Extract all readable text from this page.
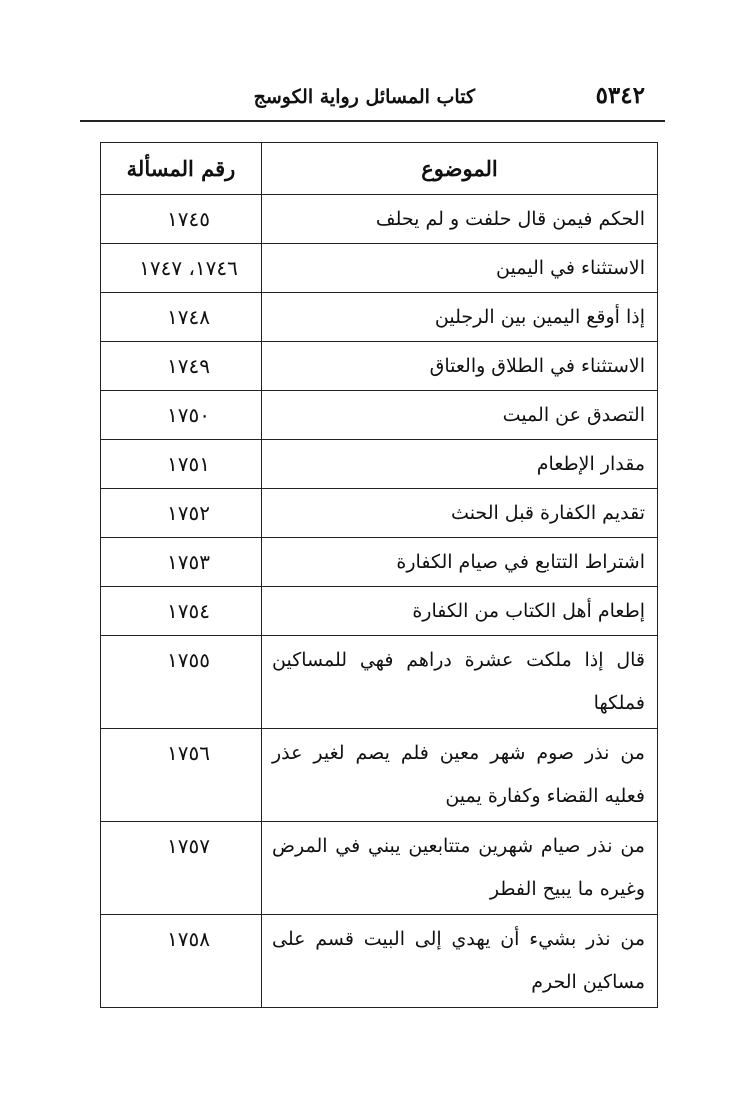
٥٣٤٢
كتاب المسائل رواية الكوسج
الموضوع	رقم المسألة
الحكم فيمن قال حلفت و لم يحلف	١٧٤٥
الاستثناء في اليمين	١٧٤٦، ١٧٤٧
إذا أوقع اليمين بين الرجلين	١٧٤٨
الاستثناء في الطلاق والعتاق	١٧٤٩
التصدق عن الميت	١٧٥٠
مقدار الإطعام	١٧٥١
تقديم الكفارة قبل الحنث	١٧٥٢
اشتراط التتابع في صيام الكفارة	١٧٥٣
إطعام أهل الكتاب من الكفارة	١٧٥٤
قال إذا ملكت عشرة دراهم فهي للمساكين فملكها	١٧٥٥
من نذر صوم شهر معين فلم يصم لغير عذر فعليه القضاء وكفارة يمين	١٧٥٦
من نذر صيام شهرين متتابعين يبني في المرض وغيره ما يبيح الفطر	١٧٥٧
من نذر بشيء أن يهدي إلى البيت قسم على مساكين الحرم	١٧٥٨
